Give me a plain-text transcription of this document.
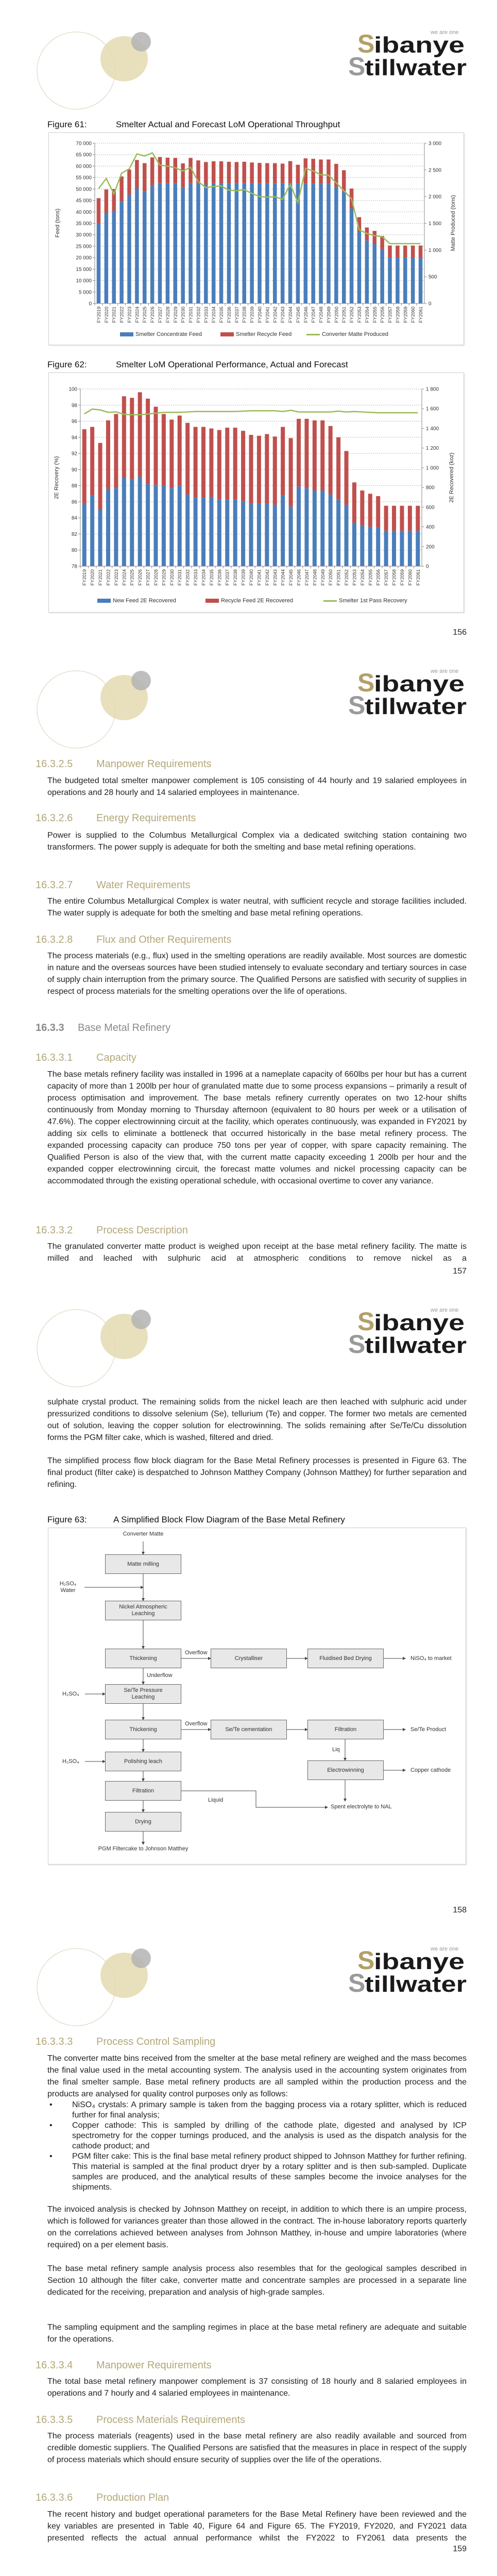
we are one
S
ibanye
S
tillwater
Figure 61:	Smelter Actual and Forecast LoM Operational Throughput
Figure 62:	Smelter LoM Operational Performance, Actual and Forecast
0
5 000
10 000
15 000
20 000
25 000
30 000
35 000
40 000
45 000
50 000
55 000
60 000
65 000
70 000
0
500
1 000
1 500
2 000
2 500
3 000
FY2019 FY2020 FY2021 FY2022 FY2023 FY2024 FY2025 FY2026 FY2027 FY2028 FY2029 FY2030 FY2031 FY2032 FY2033 FY2034 FY2035 FY2036 FY2037 FY2038 FY2039 FY2040 FY2041 FY2042 FY2043 FY2044 FY2045 FY2046 FY2047 FY2048 FY2049 FY2050 FY2051 FY2052 FY2053 FY2054 FY2055 FY2056 FY2057 FY2058 FY2059 FY2060 FY2061
78
80
82
84
86
88
90
92
94
96
98
100
0
200
400
600
800
1 000
1 200
1 400
1 600
1 800
FY2019 FY2020 FY2021 FY2022 FY2023 FY2024 FY2025 FY2026 FY2027 FY2028 FY2029 FY2030 FY2031 FY2032 FY2033 FY2034 FY2035 FY2036 FY2037 FY2038 FY2039 FY2040 FY2041 FY2042 FY2043 FY2044 FY2045 FY2046 FY2047 FY2048 FY2049 FY2050 FY2051 FY2052 FY2053 FY2054 FY2055 FY2056 FY2057 FY2058 FY2059 FY2060 FY2061
Feed (tons)	Matte Produced (tons)
Smelter Concentrate Feed	Smelter Recycle Feed	Converter Matte Produced
2E Recovery (%)	2E Recovered (koz)
New Feed 2E Recovered	Recycle Feed 2E Recovered	Smelter 1st Pass Recovery
156
we are one
S
ibanye
S
tillwater
16.3.2.5 Manpower Requirements

The budgeted total smelter manpower complement is 105 consisting of 44 hourly and 19 salaried employees in operations and 28 hourly and 14 salaried employees in maintenance.

16.3.2.6 Energy Requirements

Power is supplied to the Columbus Metallurgical Complex via a dedicated switching station containing two transformers. The power supply is adequate for both the smelting and base metal refining operations.

16.3.2.7 Water Requirements

The entire Columbus Metallurgical Complex is water neutral, with sufficient recycle and storage facilities included. The water supply is adequate for both the smelting and base metal refining operations.

16.3.2.8 Flux and Other Requirements

The process materials (e.g., flux) used in the smelting operations are readily available. Most sources are domestic in nature and the overseas sources have been studied intensely to evaluate secondary and tertiary sources in case of supply chain interruption from the primary source. The Qualified Persons are satisfied with security of supplies in respect of process materials for the smelting operations over the life of operations.

16.3.3 Base Metal Refinery
16.3.3.1 Capacity

The base metals refinery facility was installed in 1996 at a nameplate capacity of 660lbs per hour but has a current capacity of more than 1 200lb per hour of granulated matte due to some process expansions – primarily a result of process optimisation and improvement. The base metals refinery currently operates on two 12-hour shifts continuously from Monday morning to Thursday afternoon (equivalent to 80 hours per week or a utilisation of 47.6%). The copper electrowinning circuit at the facility, which operates continuously, was expanded in FY2021 by adding six cells to eliminate a bottleneck that occurred historically in the base metal refinery process. The expanded processing capacity can produce 750 tons per year of copper, with spare capacity remaining. The Qualified Person is also of the view that, with the current matte capacity exceeding 1 200lb per hour and the expanded copper electrowinning circuit, the forecast matte volumes and nickel processing capacity can be accommodated through the existing operational schedule, with occasional overtime to cover any variance.

16.3.3.2 Process Description

The granulated converter matte product is weighed upon receipt at the base metal refinery facility. The matte is milled and leached with sulphuric acid at atmospheric conditions to remove nickel as a

157
we are one
S
ibanye
S
tillwater

sulphate crystal product. The remaining solids from the nickel leach are then leached with sulphuric acid under pressurized conditions to dissolve selenium (Se), tellurium (Te) and copper. The former two metals are cemented out of solution, leaving the copper solution for electrowinning. The solids remaining after Se/Te/Cu dissolution forms the PGM filter cake, which is washed, filtered and dried.

The simplified process flow block diagram for the Base Metal Refinery processes is presented in Figure 63. The final product (filter cake) is despatched to Johnson Matthey Company (Johnson Matthey) for further separation and refining.

Figure 63:	A Simplified Block Flow Diagram of the Base Metal Refinery
Converter Matte
Matte milling
H₂SO₄
Water
Nickel Atmospheric Leaching
Thickening
Overflow
Crystalliser	Fluidised Bed Drying	NiSO₄ to market
Underflow
H₂SO₄
Se/Te Pressure Leaching
Thickening
Overflow
Se/Te cementation	Filtration	Se/Te Product
Liq
Electrowinning	Copper cathode
H₂SO₄	Polishing leach
Filtration
Liquid
Spent electrolyte to NAL
Drying
PGM Filtercake to Johnson Matthey
158
we are one
S
ibanye
S
tillwater
16.3.3.3 Process Control Sampling

The converter matte bins received from the smelter at the base metal refinery are weighed and the mass becomes the final value used in the metal accounting system. The analysis used in the accounting system originates from the final smelter sample. Base metal refinery products are all sampled within the production process and the products are analysed for quality control purposes only as follows:

• NiSO₄ crystals: A primary sample is taken from the bagging process via a rotary splitter, which is reduced further for final analysis;
• Copper cathode: This is sampled by drilling of the cathode plate, digested and analysed by ICP spectrometry for the copper turnings produced, and the analysis is used as the dispatch analysis for the cathode product; and
• PGM filter cake: This is the final base metal refinery product shipped to Johnson Matthey for further refining. This material is sampled at the final product dryer by a rotary splitter and is then sub-sampled. Duplicate samples are produced, and the analytical results of these samples become the invoice analyses for the shipments.

The invoiced analysis is checked by Johnson Matthey on receipt, in addition to which there is an umpire process, which is followed for variances greater than those allowed in the contract. The in-house laboratory reports quarterly on the correlations achieved between analyses from Johnson Matthey, in-house and umpire laboratories (where required) on a per element basis.

The base metal refinery sample analysis process also resembles that for the geological samples described in Section 10 although the filter cake, converter matte and concentrate samples are processed in a separate line dedicated for the receiving, preparation and analysis of high-grade samples.

The sampling equipment and the sampling regimes in place at the base metal refinery are adequate and suitable for the operations.

16.3.3.4 Manpower Requirements

The total base metal refinery manpower complement is 37 consisting of 18 hourly and 8 salaried employees in operations and 7 hourly and 4 salaried employees in maintenance.

16.3.3.5 Process Materials Requirements

The process materials (reagents) used in the base metal refinery are also readily available and sourced from credible domestic suppliers. The Qualified Persons are satisfied that the measures in place in respect of the supply of process materials which should ensure security of supplies over the life of the operations.

16.3.3.6 Production Plan

The recent history and budget operational parameters for the Base Metal Refinery have been reviewed and the key variables are presented in Table 40, Figure 64 and Figure 65. The FY2019, FY2020, and FY2021 data presented reflects the actual annual performance whilst the FY2022 to FY2061 data presents the

159
